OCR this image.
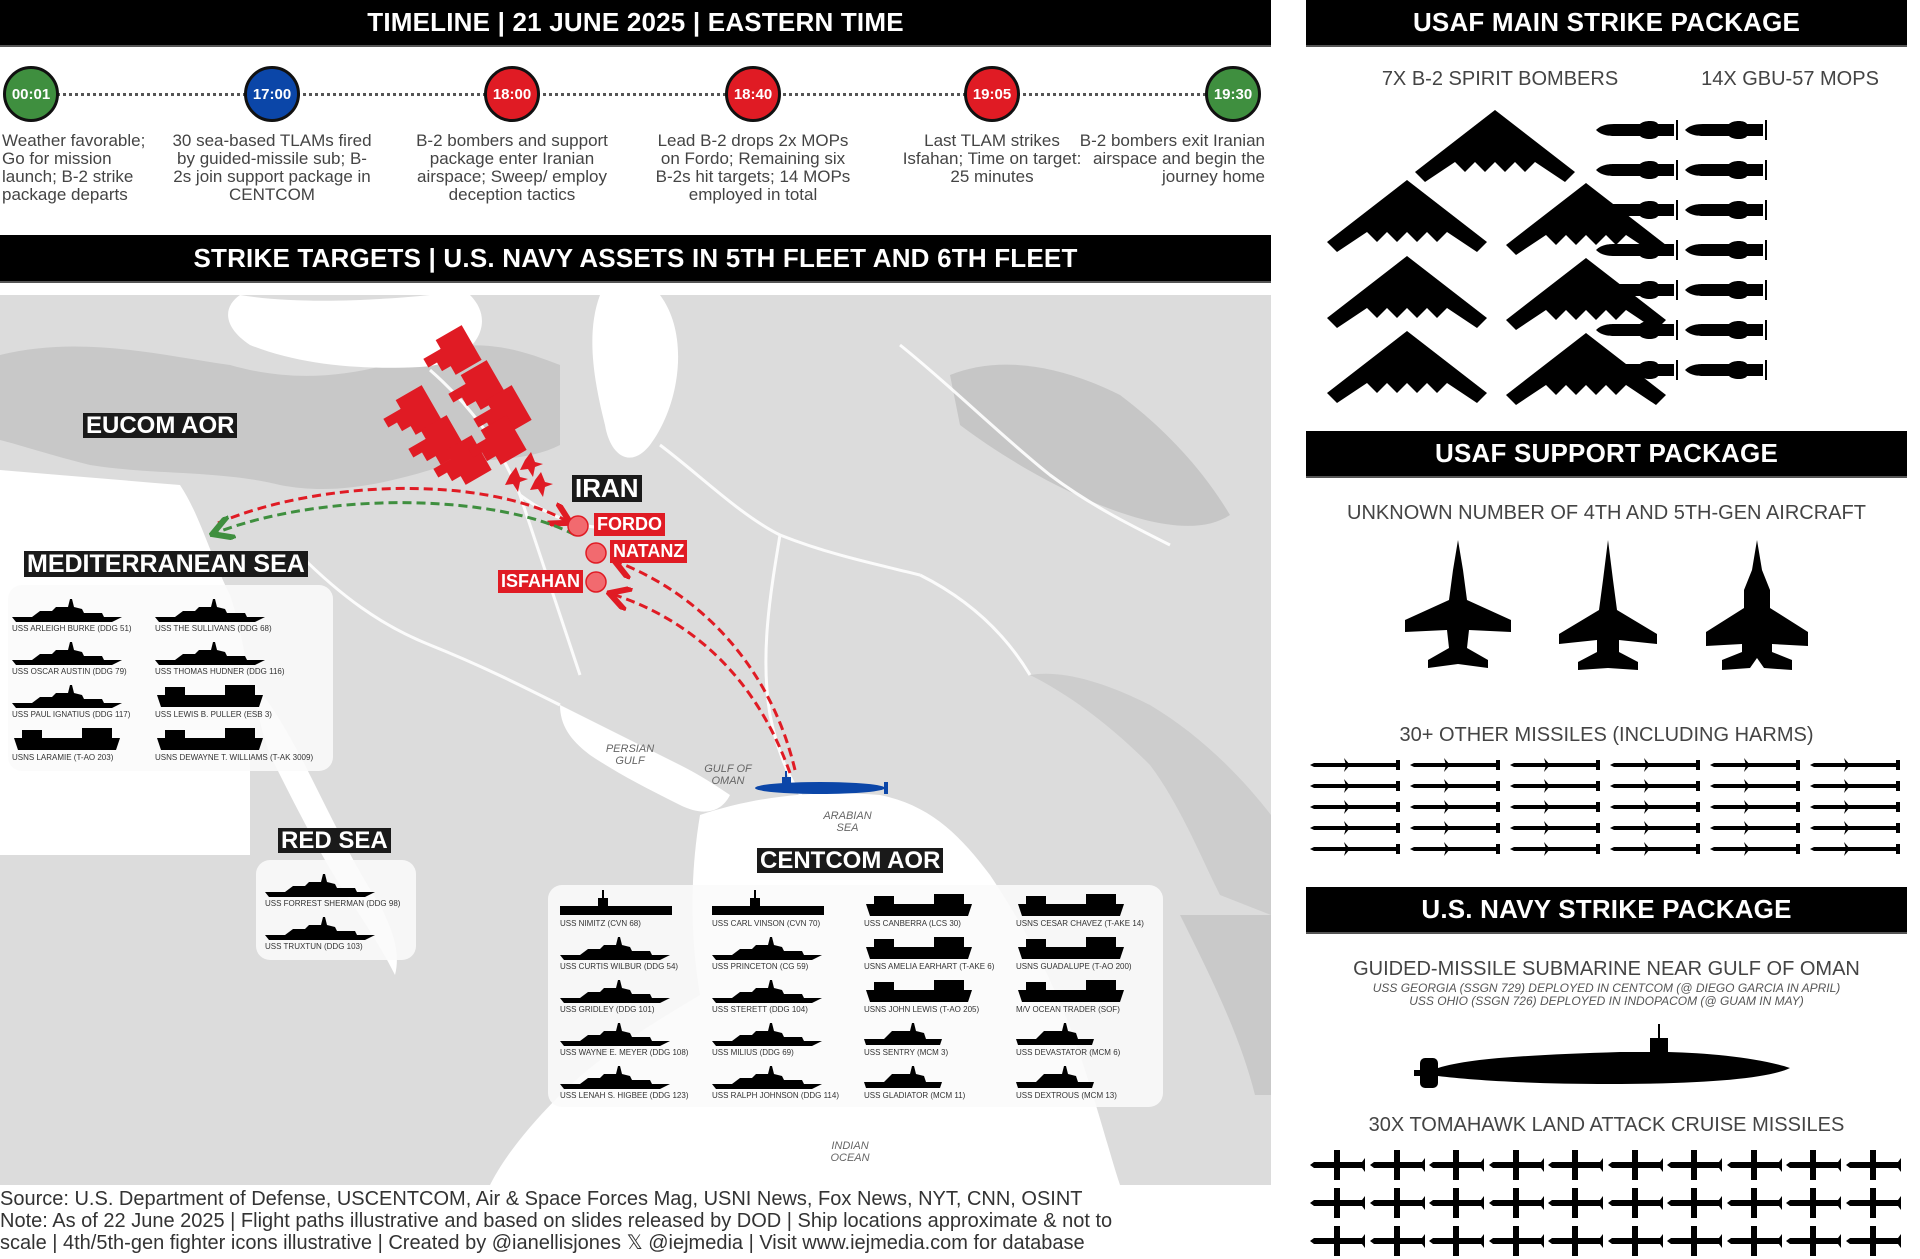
TIMELINE | 21 JUNE 2025 | EASTERN TIME
00:01
Weather favorable; Go for mission launch; B-2 strike package departs
17:00
30 sea-based TLAMs fired by guided-missile sub; B-2s join support package in CENTCOM
18:00
B-2 bombers and support package enter Iranian airspace; Sweep/ employ deception tactics
18:40
Lead B-2 drops 2x MOPs on Fordo; Remaining six B-2s hit targets; 14 MOPs employed in total
19:05
Last TLAM strikes Isfahan; Time on target: 25 minutes
19:30
B-2 bombers exit Iranian airspace and begin the journey home
STRIKE TARGETS | U.S. NAVY ASSETS IN 5TH FLEET AND 6TH FLEET
EUCOM AOR
IRAN
MEDITERRANEAN SEA
RED SEA
CENTCOM AOR
FORDO
NATANZ
ISFAHAN
PERSIAN GULF
GULF OF OMAN
ARABIAN SEA
INDIAN OCEAN
USS ARLEIGH BURKE (DDG 51)	USS THE SULLIVANS (DDG 68)
USS OSCAR AUSTIN (DDG 79)	USS THOMAS HUDNER (DDG 116)
USS PAUL IGNATIUS (DDG 117)	USS LEWIS B. PULLER (ESB 3)
USNS LARAMIE (T-AO 203)	USNS DEWAYNE T. WILLIAMS (T-AK 3009)
USS FORREST SHERMAN (DDG 98)
USS TRUXTUN (DDG 103)
USS NIMITZ (CVN 68)	USS CARL VINSON (CVN 70)	USS CANBERRA (LCS 30)	USNS CESAR CHAVEZ (T-AKE 14)
USS CURTIS WILBUR (DDG 54)	USS PRINCETON (CG 59)	USNS AMELIA EARHART (T-AKE 6)	USNS GUADALUPE (T-AO 200)
USS GRIDLEY (DDG 101)	USS STERETT (DDG 104)	USNS JOHN LEWIS (T-AO 205)	M/V OCEAN TRADER (SOF)
USS WAYNE E. MEYER (DDG 108)	USS MILIUS (DDG 69)	USS SENTRY (MCM 3)	USS DEVASTATOR (MCM 6)
USS LENAH S. HIGBEE (DDG 123)	USS RALPH JOHNSON (DDG 114)	USS GLADIATOR (MCM 11)	USS DEXTROUS (MCM 13)
Source: U.S. Department of Defense, USCENTCOM, Air & Space Forces Mag, USNI News, Fox News, NYT, CNN, OSINT
Note: As of 22 June 2025 | Flight paths illustrative and based on slides released by DOD | Ship locations approximate & not to
scale | 4th/5th-gen fighter icons illustrative | Created by @ianellisjones 𝕏 @iejmedia | Visit www.iejmedia.com for database
USAF MAIN STRIKE PACKAGE
7X B-2 SPIRIT BOMBERS	14X GBU-57 MOPS
USAF SUPPORT PACKAGE
UNKNOWN NUMBER OF 4TH AND 5TH-GEN AIRCRAFT
30+ OTHER MISSILES (INCLUDING HARMS)
U.S. NAVY STRIKE PACKAGE
GUIDED-MISSILE SUBMARINE NEAR GULF OF OMAN
USS GEORGIA (SSGN 729) DEPLOYED IN CENTCOM (@ DIEGO GARCIA IN APRIL)
USS OHIO (SSGN 726) DEPLOYED IN INDOPACOM (@ GUAM IN MAY)
30X TOMAHAWK LAND ATTACK CRUISE MISSILES
